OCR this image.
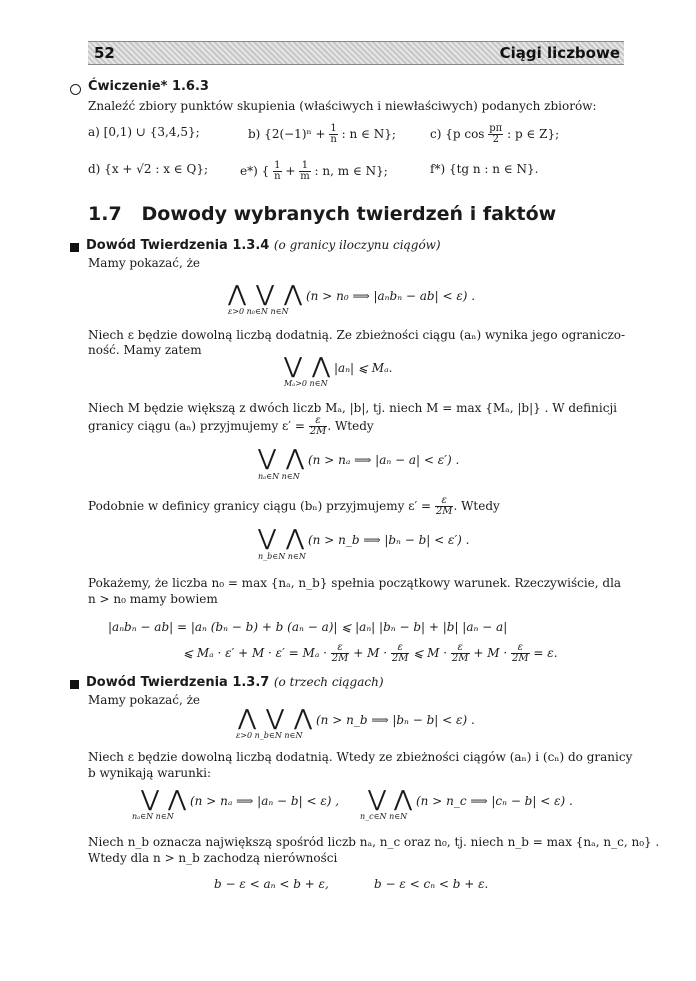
52	Ciągi liczbowe
Ćwiczenie* 1.6.3
Znaleźć zbiory punktów skupienia (właściwych i niewłaściwych) podanych zbiorów:
a) [0,1) ∪ {3,4,5};	b) {$2(-1)^n + \frac{1}{n}$ : n ∈ N};	c) {p $\cos \frac{p\pi}{2}$ : p ∈ Z};
d) {x + √2 : x ∈ Q};	e*) { $\frac{1}{n} + \frac{1}{m}$ : n, m ∈ N};	f*) {tg n : n ∈ N}.
1.7 Dowody wybranych twierdzeń i faktów
Dowód Twierdzenia 1.3.4 (o granicy iloczynu ciągów)
Mamy pokazać, że
⋀ ⋁ ⋀ (n > n₀ ⟹ |aₙbₙ − ab| < ε) .
ε>0 n₀∈N n∈N
Niech ε będzie dowolną liczbą dodatnią. Ze zbieżności ciągu (aₙ) wynika jego ograniczo-
ność. Mamy zatem
⋁ ⋀ |aₙ| ⩽ Mₐ.
Mₐ>0 n∈N
Niech M będzie większą z dwóch liczb Mₐ, |b|, tj. niech M = max {Mₐ, |b|} . W definicji
granicy ciągu (aₙ) przyjmujemy $\varepsilon' = \frac{\varepsilon}{2M}$ . Wtedy
⋁ ⋀ (n > nₐ ⟹ |aₙ − a| < ε′) .
nₐ∈N n∈N
Podobnie w definicy granicy ciągu (bₙ) przyjmujemy $\varepsilon' = \frac{\varepsilon}{2M}$ . Wtedy
⋁ ⋀ (n > n_b ⟹ |bₙ − b| < ε′) .
n_b∈N n∈N
Pokażemy, że liczba n₀ = max {nₐ, n_b} spełnia początkowy warunek. Rzeczywiście, dla
n > n₀ mamy bowiem
|aₙbₙ − ab| = |aₙ (bₙ − b) + b (aₙ − a)| ⩽ |aₙ| |bₙ − b| + |b| |aₙ − a|
⩽ $M_a \cdot \varepsilon' + M \cdot \varepsilon' = M_a \cdot \frac{\varepsilon}{2M} + M \cdot \frac{\varepsilon}{2M}$ ⩽ $M \cdot \frac{\varepsilon}{2M} + M \cdot \frac{\varepsilon}{2M} = \varepsilon$.
Dowód Twierdzenia 1.3.7 (o trzech ciągach)
Mamy pokazać, że
⋀ ⋁ ⋀ (n > n_b ⟹ |bₙ − b| < ε) .
ε>0 n_b∈N n∈N
Niech ε będzie dowolną liczbą dodatnią. Wtedy ze zbieżności ciągów (aₙ) i (cₙ) do granicy
b wynikają warunki:
⋁ ⋀ (n > nₐ ⟹ |aₙ − b| < ε) ,
nₐ∈N n∈N
⋁ ⋀ (n > n_c ⟹ |cₙ − b| < ε) .
n_c∈N n∈N
Niech n_b oznacza największą spośród liczb nₐ, n_c oraz n₀, tj. niech n_b = max {nₐ, n_c, n₀} .
Wtedy dla n > n_b zachodzą nierówności
b − ε < aₙ < b + ε,	b − ε < cₙ < b + ε.
